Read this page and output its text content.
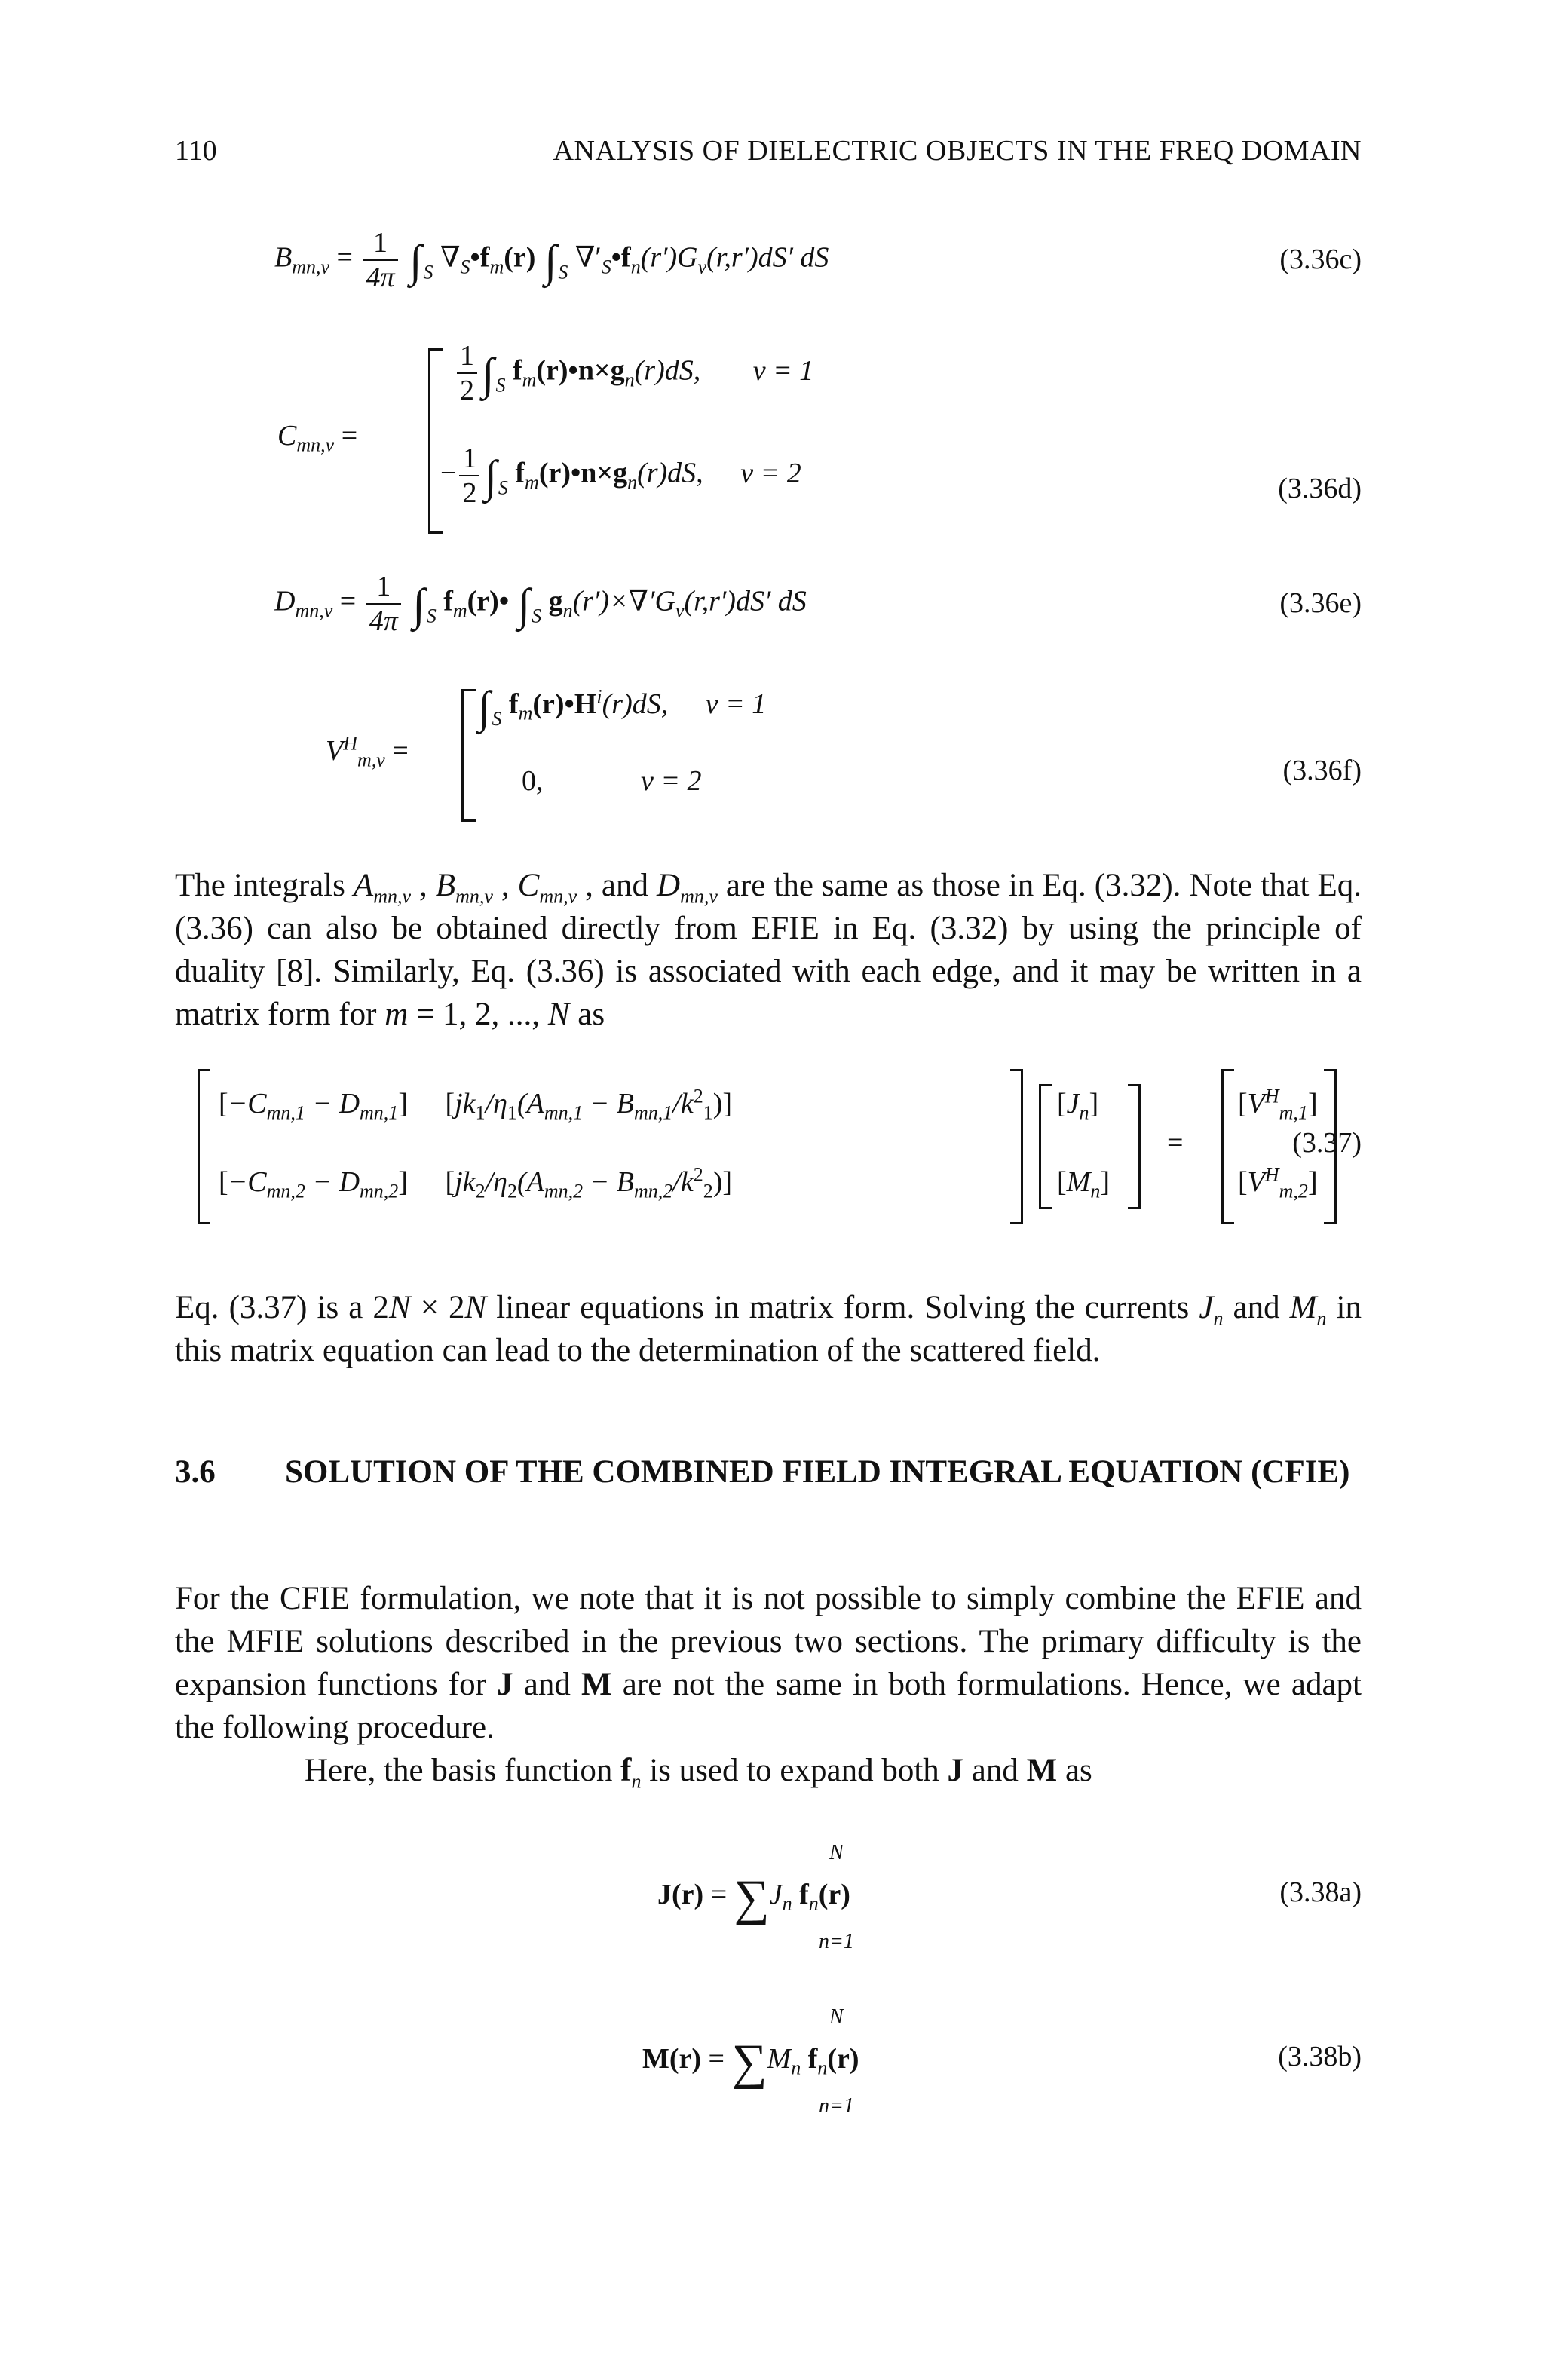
110	ANALYSIS OF DIELECTRIC OBJECTS IN THE FREQ DOMAIN
$B_{mn,\nu} = \frac{1}{4\pi} \int_S$ $\nabla_S•f_m(r)$ $\int_S$ $\nabla'_S•f_n(r')G_\nu(r,r')dS'$ dS	(3.36c)
$C_{mn,\nu}$ =
$\frac{1}{2} \int_S$ $f_m(r)•n\times g_n(r)dS$, ν = 1
− $\frac{1}{2} \int_S$ $f_m(r)•n\times g_n(r)dS$, ν = 2	(3.36d)
$D_{mn,\nu} = \frac{1}{4\pi} \int_S$ $f_m(r)•$ $\int_S$ $g_n(r')\times\nabla'G_\nu(r,r')dS'$ dS	(3.36e)
$V^H_{m,\nu}$ =
$\int_S$ $f_m(r)•H^i(r)dS$, ν = 1
0,	ν = 2	(3.36f)
The integrals $A_{mn,\nu}$ , $B_{mn,\nu}$ , $C_{mn,\nu}$ , and $D_{mn,\nu}$ are the same as those in Eq. (3.32). Note that Eq. (3.36) can also be obtained directly from EFIE in Eq. (3.32) by using the principle of duality [8]. Similarly, Eq. (3.36) is associated with each edge, and it may be written in a matrix form for m = 1, 2, ..., N as
$[-C_{mn,1} - D_{mn,1}] [jk_1/\eta_1(A_{mn,1} - B_{mn,1}/k^2_1)]$
$[-C_{mn,2} - D_{mn,2}] [jk_2/\eta_2(A_{mn,2} - B_{mn,2}/k^2_2)]$
$[J_n]$
$[M_n]$
=
$[V^H_{m,1}]$
$[V^H_{m,2}]$
(3.37)
Eq. (3.37) is a 2N × 2N linear equations in matrix form. Solving the currents $J_n$ and $M_n$ in this matrix equation can lead to the determination of the scattered field.
3.6 SOLUTION OF THE COMBINED FIELD INTEGRAL EQUATION (CFIE)
For the CFIE formulation, we note that it is not possible to simply combine the EFIE and the MFIE solutions described in the previous two sections. The primary difficulty is the expansion functions for J and M are not the same in both formulations. Hence, we adapt the following procedure.
Here, the basis function $f_n$ is used to expand both J and M as
N
$J(r) = \sum J_n$ $f_n(r)$
n=1
(3.38a)
N
$M(r) = \sum M_n$ $f_n(r)$
n=1
(3.38b)
